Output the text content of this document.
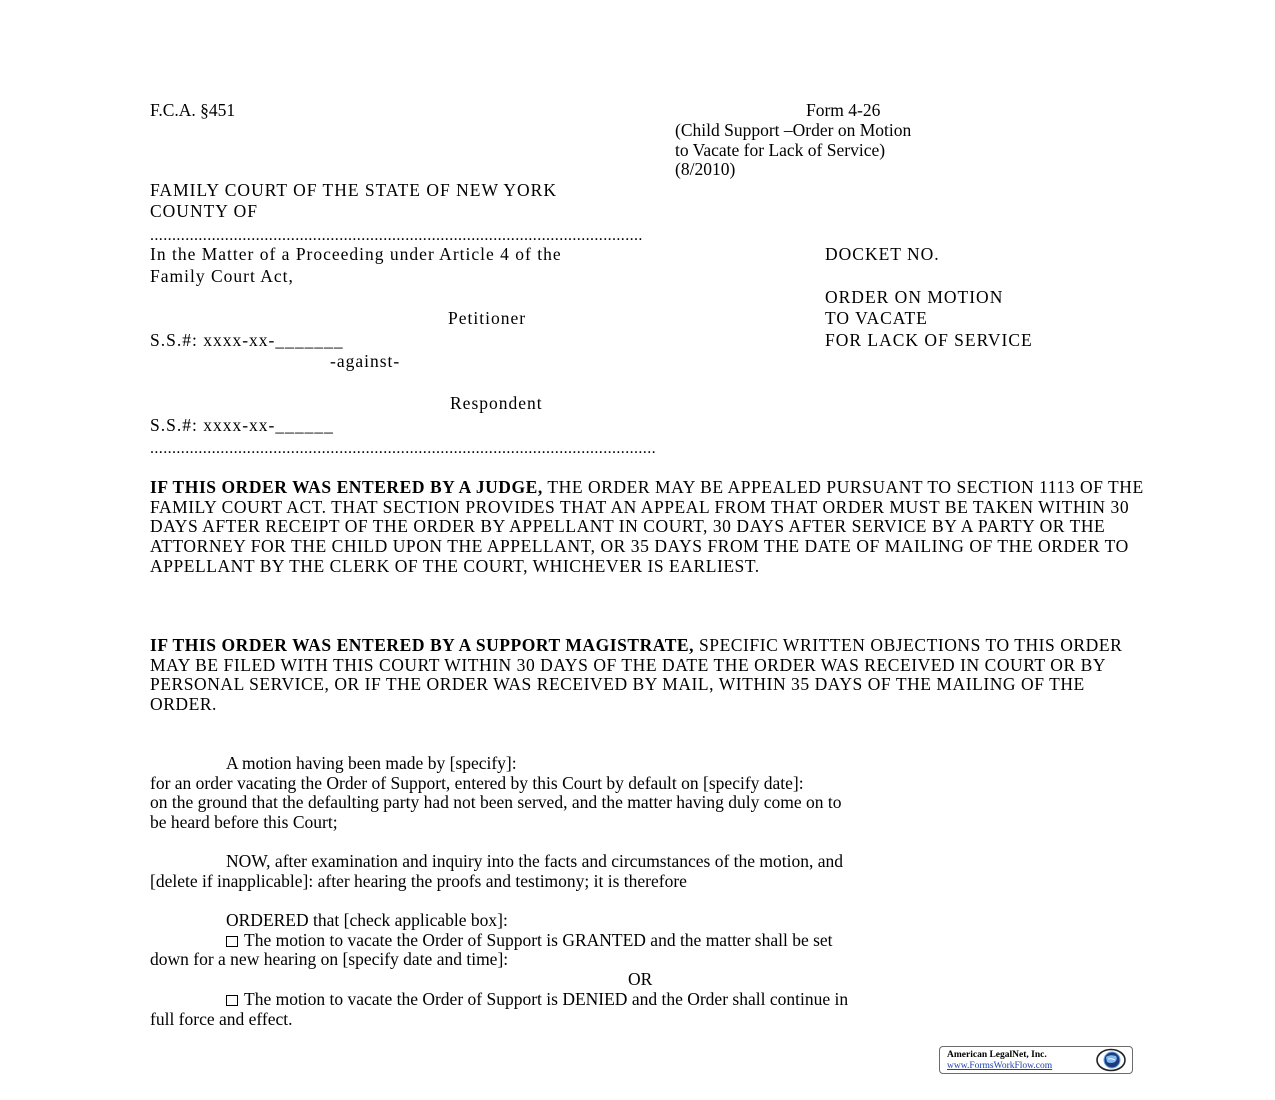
F.C.A. §451	Form 4-26
(Child Support –Order on Motion
to Vacate for Lack of Service)
(8/2010)
FAMILY COURT OF THE STATE OF NEW YORK
COUNTY OF
................................................................................................................
In the Matter of a Proceeding under Article 4 of the
Family Court Act,
Petitioner
S.S.#: xxxx-xx-_______
-against-
Respondent
S.S.#: xxxx-xx-______
...................................................................................................................
DOCKET NO.
ORDER ON MOTION
TO VACATE
FOR LACK OF SERVICE

IF THIS ORDER WAS ENTERED BY A JUDGE, THE ORDER MAY BE APPEALED PURSUANT TO SECTION 1113 OF THE FAMILY COURT ACT. THAT SECTION PROVIDES THAT AN APPEAL FROM THAT ORDER MUST BE TAKEN WITHIN 30 DAYS AFTER RECEIPT OF THE ORDER BY APPELLANT IN COURT, 30 DAYS AFTER SERVICE BY A PARTY OR THE ATTORNEY FOR THE CHILD UPON THE APPELLANT, OR 35 DAYS FROM THE DATE OF MAILING OF THE ORDER TO APPELLANT BY THE CLERK OF THE COURT, WHICHEVER IS EARLIEST.

IF THIS ORDER WAS ENTERED BY A SUPPORT MAGISTRATE, SPECIFIC WRITTEN OBJECTIONS TO THIS ORDER MAY BE FILED WITH THIS COURT WITHIN 30 DAYS OF THE DATE THE ORDER WAS RECEIVED IN COURT OR BY PERSONAL SERVICE, OR IF THE ORDER WAS RECEIVED BY MAIL, WITHIN 35 DAYS OF THE MAILING OF THE ORDER.

A motion having been made by [specify]:
for an order vacating the Order of Support, entered by this Court by default on [specify date]:
on the ground that the defaulting party had not been served, and the matter having duly come on to
be heard before this Court;
NOW, after examination and inquiry into the facts and circumstances of the motion, and
[delete if inapplicable]: after hearing the proofs and testimony; it is therefore
ORDERED that [check applicable box]:
The motion to vacate the Order of Support is GRANTED and the matter shall be set
down for a new hearing on [specify date and time]:
OR
The motion to vacate the Order of Support is DENIED and the Order shall continue in
full force and effect.
American LegalNet, Inc.
www.FormsWorkFlow.com
